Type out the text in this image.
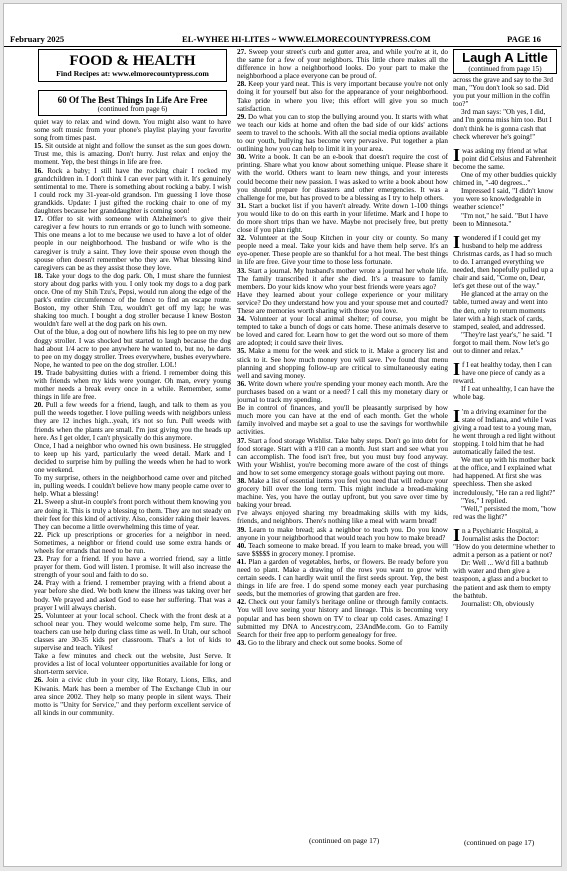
February 2025	EL-WYHEE HI-LITES ~ WWW.ELMORECOUNTYPRESS.COM	PAGE 16
FOOD & HEALTH
Find Recipes at: www.elmorecountypress.com
60 Of The Best Things In Life Are Free
(continued from page 6)

quiet way to relax and wind down. You might also want to have some soft music from your phone's playlist playing your favorite song from times past.

15. Sit outside at night and follow the sunset as the sun goes down. Trust me, this is amazing. Don't hurry. Just relax and enjoy the moment. Yep, the best things in life are free.

16. Rock a baby; I still have the rocking chair I rocked my grandchildren in. I don't think I can ever part with it. It's genuinely sentimental to me. There is something about rocking a baby. I wish I could rock my 31-year-old grandson. I'm guessing I love those grandkids. Update: I just gifted the rocking chair to one of my daughters because her granddaughter is coming soon!

17. Offer to sit with someone with Alzheimer's to give their caregiver a few hours to run errands or go to lunch with someone. This one means a lot to me because we used to have a lot of older people in our neighborhood. The husband or wife who is the caregiver is truly a saint. They love their spouse even though the spouse often doesn't remember who they are. What blessing kind caregivers can be as they assist those they love.

18. Take your dogs to the dog park. Oh, I must share the funniest story about dog parks with you. I only took my dogs to a dog park once. One of my Shih Tzu's, Pepsi, would run along the edge of the park's entire circumference of the fence to find an escape route. Boston, my other Shih Tzu, wouldn't get off my lap; he was shaking too much. I bought a dog stroller because I knew Boston wouldn't fare well at the dog park on his own.

Out of the blue, a dog out of nowhere lifts his leg to pee on my new doggy stroller. I was shocked but started to laugh because the dog had about 1/4 acre to pee anywhere he wanted to, but no, he darts to pee on my doggy stroller. Trees everywhere, bushes everywhere. Nope, he wanted to pee on the dog stroller. LOL!

19. Trade babysitting duties with a friend. I remember doing this with friends when my kids were younger. Oh man, every young mother needs a break every once in a while. Remember, some things in life are free.

20. Pull a few weeds for a friend, laugh, and talk to them as you pull the weeds together. I love pulling weeds with neighbors unless they are 12 inches high...yeah, it's not so fun. Pull weeds with friends when the plants are small. I'm just giving you the heads up here. As I get older, I can't physically do this anymore.

Once, I had a neighbor who owned his own business. He struggled to keep up his yard, particularly the weed detail. Mark and I decided to surprise him by pulling the weeds when he had to work one weekend.

To my surprise, others in the neighborhood came over and pitched in, pulling weeds. I couldn't believe how many people came over to help. What a blessing!

21. Sweep a shut-in couple's front porch without them knowing you are doing it. This is truly a blessing to them. They are not steady on their feet for this kind of activity. Also, consider raking their leaves. They can become a little overwhelming this time of year.

22. Pick up prescriptions or groceries for a neighbor in need. Sometimes, a neighbor or friend could use some extra hands or wheels for errands that need to be run.

23. Pray for a friend. If you have a worried friend, say a little prayer for them. God will listen. I promise. It will also increase the strength of your soul and faith to do so.

24. Pray with a friend. I remember praying with a friend about a year before she died. We both knew the illness was taking over her body. We prayed and asked God to ease her suffering. That was a prayer I will always cherish.

25. Volunteer at your local school. Check with the front desk at a school near you. They would welcome some help, I'm sure. The teachers can use help during class time as well. In Utah, our school classes are 30-35 kids per classroom. That's a lot of kids to supervise and teach. Yikes!

Take a few minutes and check out the website, Just Serve. It provides a list of local volunteer opportunities available for long or short-term service.

26. Join a civic club in your city, like Rotary, Lions, Elks, and Kiwanis. Mark has been a member of The Exchange Club in our area since 2002. They help so many people in silent ways. Their motto is "Unity for Service," and they perform excellent service of all kinds in our community.

27. Sweep your street's curb and gutter area, and while you're at it, do the same for a few of your neighbors. This little chore makes all the difference in how a neighborhood looks. Do your part to make the neighborhood a place everyone can be proud of.

28. Keep your yard neat. This is very important because you're not only doing it for yourself but also for the appearance of your neighborhood. Take pride in where you live; this effort will give you so much satisfaction.

29. Do what you can to stop the bullying around you. It starts with what we teach our kids at home and often the bad side of our kids' actions seem to travel to the schools. With all the social media options available to our youth, bullying has become very pervasive. Put together a plan outlining how you can help to limit it in your area.

30. Write a book. It can be an e-book that doesn't require the cost of printing. Share what you know about something unique. Please share it with the world. Others want to learn new things, and your interests could become their new passion. I was asked to write a book about how you should prepare for disasters and other emergencies. It was a challenge for me, but has proved to be a blessing as I try to help others.

31. Start a bucket list if you haven't already. Write down 1-100 things you would like to do on this earth in your lifetime. Mark and I hope to do more short trips than we have. Maybe not precisely free, but pretty close if you plan right.

32. Volunteer at the Soup Kitchen in your city or county. So many people need a meal. Take your kids and have them help serve. It's an eye-opener. These people are so thankful for a hot meal. The best things in life are free. Give your time to those less fortunate.

33. Start a journal. My husband's mother wrote a journal her whole life. The family transcribed it after she died. It's a treasure to family members. Do your kids know who your best friends were years ago?

Have they learned about your college experience or your military service? Do they understand how you and your spouse met and courted? These are memories worth sharing with those you love.

34. Volunteer at your local animal shelter; of course, you might be tempted to take a bunch of dogs or cats home. These animals deserve to be loved and cared for. Learn how to get the word out so more of them are adopted; it could save their lives.

35. Make a menu for the week and stick to it. Make a grocery list and stick to it. See how much money you will save. I've found that menu planning and shopping follow-up are critical to simultaneously eating well and saving money.

36. Write down where you're spending your money each month. Are the purchases based on a want or a need? I call this my monetary diary or journal to track my spending.

Be in control of finances, and you'll be pleasantly surprised by how much more you can have at the end of each month. Get the whole family involved and maybe set a goal to use the savings for worthwhile activities.

37. Start a food storage Wishlist. Take baby steps. Don't go into debt for food storage. Start with a #10 can a month. Just start and see what you can accomplish. The food isn't free, but you must buy food anyway. With your Wishlist, you're becoming more aware of the cost of things and how to set some emergency storage goals without paying out more.

38. Make a list of essential items you feel you need that will reduce your grocery bill over the long term. This might include a bread-making machine. Yes, you have the outlay upfront, but you save over time by baking your bread.

I've always enjoyed sharing my breadmaking skills with my kids, friends, and neighbors. There's nothing like a meal with warm bread!

39. Learn to make bread; ask a neighbor to teach you. Do you know anyone in your neighborhood that would teach you how to make bread?

40. Teach someone to make bread. If you learn to make bread, you will save $$$$$ in grocery money. I promise.

41. Plan a garden of vegetables, herbs, or flowers. Be ready before you need to plant. Make a drawing of the rows you want to grow with certain seeds. I can hardly wait until the first seeds sprout. Yep, the best things in life are free. I do spend some money each year purchasing seeds, but the memories of growing that garden are free.

42. Check out your family's heritage online or through family contacts. You will love seeing your history and lineage. This is becoming very popular and has been shown on TV to clear up cold cases. Amazing! I submitted my DNA to Ancestry.com, 23AndMe.com. Go to Family Search for their free app to perform genealogy for free.

43. Go to the library and check out some books. Some of

(continued on page 17)
Laugh A Little
(continued from page 15)

across the grave and say to the 3rd man, "You don't look so sad. Did you put your million in the coffin too?"

3rd man says: "Oh yes, I did, and I'm gonna miss him too. But I don't think he is gonna cash that check wherever he's going!"

Iwas asking my friend at what point did Celsius and Fahrenheit become the same.

One of my other buddies quickly chimed in, "-40 degrees..."

Impressed I said, "I didn't know you were so knowledgeable in weather science!"

"I'm not," he said. "But I have been to Minnesota."

Iwondered if I could get my husband to help me address Christmas cards, as I had so much to do. I arranged everything we needed, then hopefully pulled up a chair and said, "Come on, Dear, let's get these out of the way."

He glanced at the array on the table, turned away and went into the den, only to return moments later with a high stack of cards, stamped, sealed, and addressed.

"They're last year's," he said. "I forgot to mail them. Now let's go out to dinner and relax."

If I eat healthy today, then I can have one piece of candy as a reward.

If I eat unhealthy, I can have the whole bag.

I 'm a driving examiner for the state of Indiana, and while I was giving a road test to a young man, he went through a red light without stopping. I told him that he had automatically failed the test.

We met up with his mother back at the office, and I explained what had happened. At first she was speechless. Then she asked incredulously, "He ran a red light?"

"Yes," I replied.

"Well," persisted the mom, "how red was the light?"

In a Psychiatric Hospital, a Journalist asks the Doctor: "How do you determine whether to admit a person as a patient or not?

Dr: Well ... We'd fill a bathtub with water and then give a teaspoon, a glass and a bucket to the patient and ask them to empty the bathtub.

Journalist: Oh, obviously

(continued on page 17)
